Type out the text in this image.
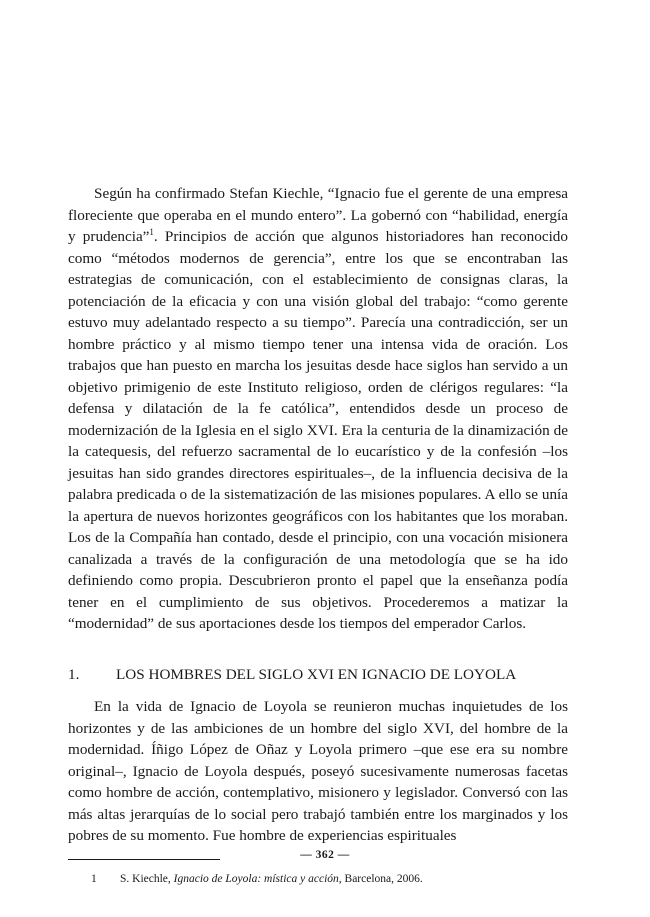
Según ha confirmado Stefan Kiechle, “Ignacio fue el gerente de una empresa floreciente que operaba en el mundo entero”. La gobernó con “habilidad, energía y prudencia”$^1$. Principios de acción que algunos historiadores han reconocido como “métodos modernos de gerencia”, entre los que se encontraban las estrategias de comunicación, con el establecimiento de consignas claras, la potenciación de la eficacia y con una visión global del trabajo: “como gerente estuvo muy adelantado respecto a su tiempo”. Parecía una contradicción, ser un hombre práctico y al mismo tiempo tener una intensa vida de oración. Los trabajos que han puesto en marcha los jesuitas desde hace siglos han servido a un objetivo primigenio de este Instituto religioso, orden de clérigos regulares: “la defensa y dilatación de la fe católica”, entendidos desde un proceso de modernización de la Iglesia en el siglo XVI. Era la centuria de la dinamización de la catequesis, del refuerzo sacramental de lo eucarístico y de la confesión –los jesuitas han sido grandes directores espirituales–, de la influencia decisiva de la palabra predicada o de la sistematización de las misiones populares. A ello se unía la apertura de nuevos horizontes geográficos con los habitantes que los moraban. Los de la Compañía han contado, desde el principio, con una vocación misionera canalizada a través de la configuración de una metodología que se ha ido definiendo como propia. Descubrieron pronto el papel que la enseñanza podía tener en el cumplimiento de sus objetivos. Procederemos a matizar la “modernidad” de sus aportaciones desde los tiempos del emperador Carlos.

1.	LOS HOMBRES DEL SIGLO XVI EN IGNACIO DE LOYOLA

En la vida de Ignacio de Loyola se reunieron muchas inquietudes de los horizontes y de las ambiciones de un hombre del siglo XVI, del hombre de la modernidad. Íñigo López de Oñaz y Loyola primero –que ese era su nombre original–, Ignacio de Loyola después, poseyó sucesivamente numerosas facetas como hombre de acción, contemplativo, misionero y legislador. Conversó con las más altas jerarquías de lo social pero trabajó también entre los marginados y los pobres de su momento. Fue hombre de experiencias espirituales

1	S. Kiechle, Ignacio de Loyola: mística y acción, Barcelona, 2006.
— 362 —
